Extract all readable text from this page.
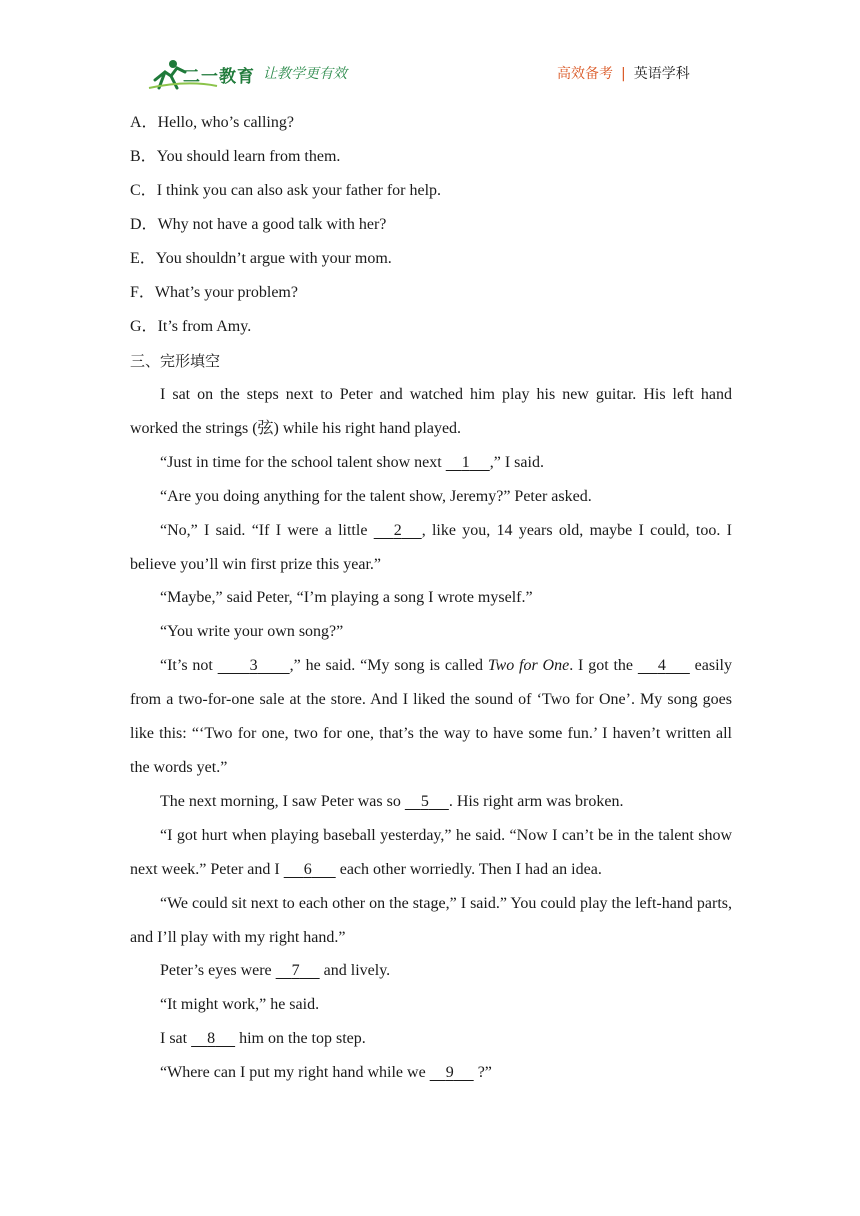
二一教育 让教学更有效	高效备考 | 英语学科
A．Hello, who’s calling?
B．You should learn from them.
C．I think you can also ask your father for help.
D．Why not have a good talk with her?
E．You shouldn’t argue with your mom.
F．What’s your problem?
G．It’s from Amy.
三、完形填空

I sat on the steps next to Peter and watched him play his new guitar. His left hand worked the strings (弦) while his right hand played.

“Just in time for the school talent show next     1 ,” I said.

“Are you doing anything for the talent show, Jeremy?” Peter asked.

“No,” I said. “If I were a little      2 , like you, 14 years old, maybe I could, too. I believe you’ll win first prize this year.”

“Maybe,” said Peter, “I’m playing a song I wrote myself.”

“You write your own song?”

“It’s not         3 ,” he said. “My song is called Two for One. I got the      4       easily from a two-for-one sale at the store. And I liked the sound of ‘Two for One’. My song goes like this: “‘Two for one, two for one, that’s the way to have some fun.’ I haven’t written all the words yet.”

The next morning, I saw Peter was so     5 . His right arm was broken.

“I got hurt when playing baseball yesterday,” he said. “Now I can’t be in the talent show next week.” Peter and I      6       each other worriedly. Then I had an idea.

“We could sit next to each other on the stage,” I said.” You could play the left-hand parts, and I’ll play with my right hand.”

Peter’s eyes were     7      and lively.

“It might work,” he said.

I sat     8      him on the top step.

“Where can I put my right hand while we     9      ?”
